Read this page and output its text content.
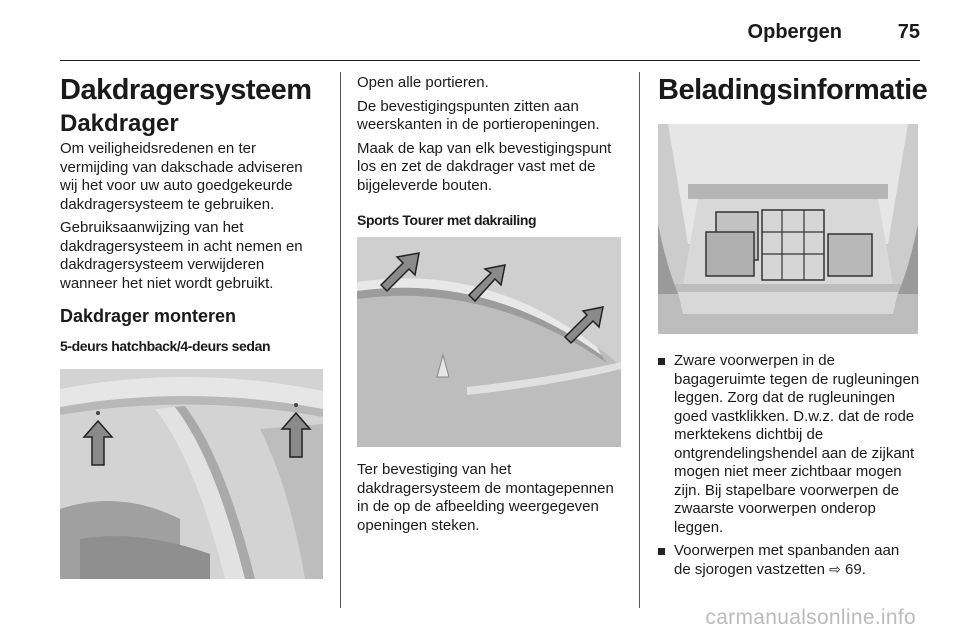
Opbergen	75
Dakdragersysteem
Dakdrager
Om veiligheidsredenen en ter vermijding van dakschade adviseren wij het voor uw auto goedgekeurde dakdragersysteem te gebruiken.
Gebruiksaanwijzing van het dakdragersysteem in acht nemen en dakdragersysteem verwijderen wanneer het niet wordt gebruikt.
Dakdrager monteren
5-deurs hatchback/4-deurs sedan
Open alle portieren.
De bevestigingspunten zitten aan weerskanten in de portieropeningen.
Maak de kap van elk bevestigingspunt los en zet de dakdrager vast met de bijgeleverde bouten.
Sports Tourer met dakrailing
Ter bevestiging van het dakdragersysteem de montagepennen in de op de afbeelding weergegeven openingen steken.
Beladingsinformatie
Zware voorwerpen in de bagageruimte tegen de rugleuningen leggen. Zorg dat de rugleuningen goed vastklikken. D.w.z. dat de rode merktekens dichtbij de ontgrendelingshendel aan de zijkant mogen niet meer zichtbaar mogen zijn. Bij stapelbare voorwerpen de zwaarste voorwerpen onderop leggen.
Voorwerpen met spanbanden aan de sjorogen vastzetten ⇨ 69.
carmanualsonline.info
